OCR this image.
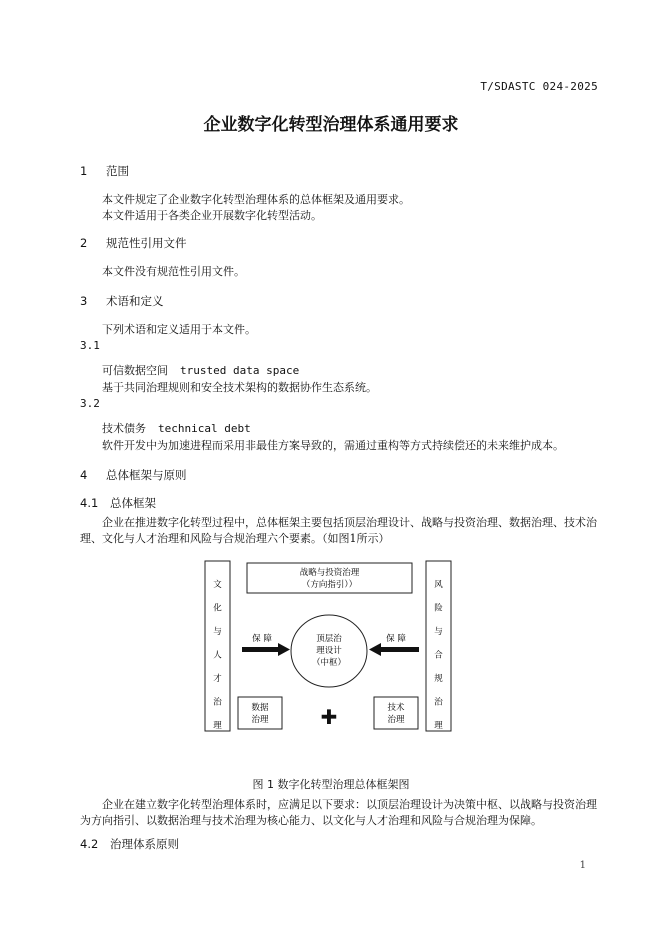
T/SDASTC 024-2025
企业数字化转型治理体系通用要求
1 范围
本文件规定了企业数字化转型治理体系的总体框架及通用要求。
本文件适用于各类企业开展数字化转型活动。
2 规范性引用文件
本文件没有规范性引用文件。
3 术语和定义
下列术语和定义适用于本文件。
3.1
可信数据空间 trusted data space
基于共同治理规则和安全技术架构的数据协作生态系统。
3.2
技术债务 technical debt
软件开发中为加速进程而采用非最佳方案导致的，需通过重构等方式持续偿还的未来维护成本。
4 总体框架与原则
4.1 总体框架
企业在推进数字化转型过程中，总体框架主要包括顶层治理设计、战略与投资治理、数据治理、技术治理、文化与人才治理和风险与合规治理六个要素。（如图1所示）
文
化
与
人
才
治
理
风
险
与
合
规
治
理
战略与投资治理
（方向指引））
顶层治
理设计
（中枢）
保 障	保 障
数据
治理
技术
治理
✚
图 1 数字化转型治理总体框架图
企业在建立数字化转型治理体系时，应满足以下要求：以顶层治理设计为决策中枢、以战略与投资治理为方向指引、以数据治理与技术治理为核心能力、以文化与人才治理和风险与合规治理为保障。
4.2 治理体系原则
1
